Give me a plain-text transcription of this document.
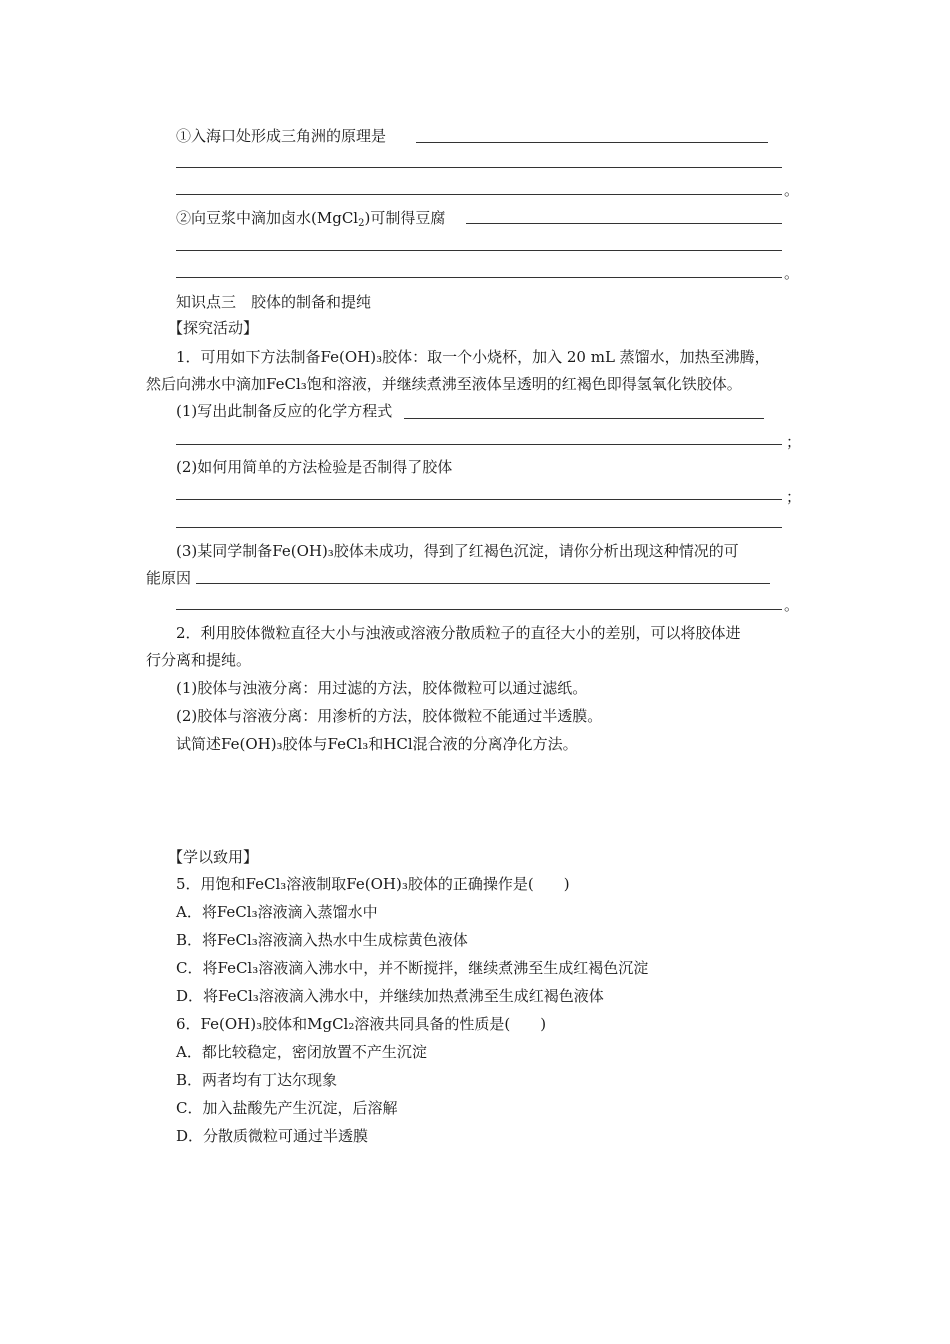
①入海口处形成三角洲的原理是
。
②向豆浆中滴加卤水(MgCl$_2$)可制得豆腐
。
知识点三　胶体的制备和提纯
【探究活动】
1．可用如下方法制备Fe(OH)₃胶体：取一个小烧杯，加入 20 mL 蒸馏水，加热至沸腾，
然后向沸水中滴加FeCl₃饱和溶液，并继续煮沸至液体呈透明的红褐色即得氢氧化铁胶体。
(1)写出此制备反应的化学方程式
；
(2)如何用简单的方法检验是否制得了胶体
；
(3)某同学制备Fe(OH)₃胶体未成功，得到了红褐色沉淀，请你分析出现这种情况的可
能原因
。
2．利用胶体微粒直径大小与浊液或溶液分散质粒子的直径大小的差别，可以将胶体进
行分离和提纯。
(1)胶体与浊液分离：用过滤的方法，胶体微粒可以通过滤纸。
(2)胶体与溶液分离：用渗析的方法，胶体微粒不能通过半透膜。
试简述Fe(OH)₃胶体与FeCl₃和HCl混合液的分离净化方法。
【学以致用】
5．用饱和FeCl₃溶液制取Fe(OH)₃胶体的正确操作是(　　)
A．将FeCl₃溶液滴入蒸馏水中
B．将FeCl₃溶液滴入热水中生成棕黄色液体
C．将FeCl₃溶液滴入沸水中，并不断搅拌，继续煮沸至生成红褐色沉淀
D．将FeCl₃溶液滴入沸水中，并继续加热煮沸至生成红褐色液体
6．Fe(OH)₃胶体和MgCl₂溶液共同具备的性质是(　　)
A．都比较稳定，密闭放置不产生沉淀
B．两者均有丁达尔现象
C．加入盐酸先产生沉淀，后溶解
D．分散质微粒可通过半透膜
